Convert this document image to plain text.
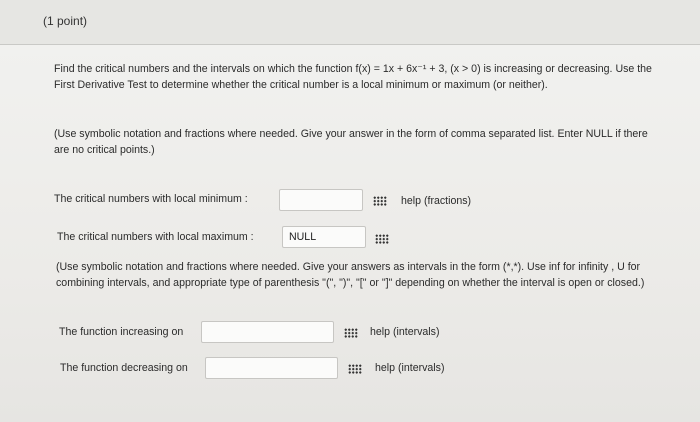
(1 point)
Find the critical numbers and the intervals on which the function f(x) = 1x + 6x⁻¹ + 3, (x > 0) is increasing or decreasing. Use the First Derivative Test to determine whether the critical number is a local minimum or maximum (or neither).
(Use symbolic notation and fractions where needed. Give your answer in the form of comma separated list. Enter NULL if there are no critical points.)
The critical numbers with local minimum :	help (fractions)
The critical numbers with local maximum :	NULL
(Use symbolic notation and fractions where needed. Give your answers as intervals in the form (*,*). Use inf for infinity , U for combining intervals, and appropriate type of parenthesis "(", ")", "[" or "]" depending on whether the interval is open or closed.)
The function increasing on	help (intervals)
The function decreasing on	help (intervals)
